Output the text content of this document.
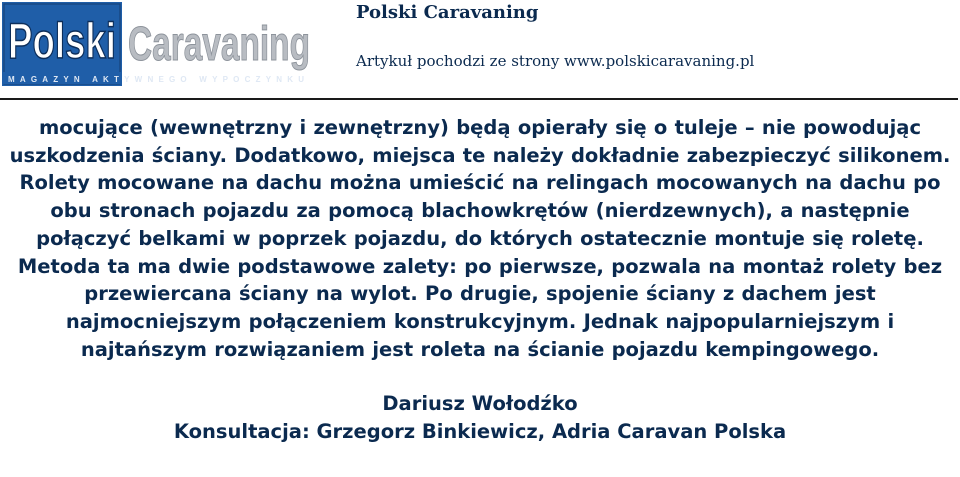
Polski Caravaning
MAGAZYN AKTYWNEGO WYPOCZYNKU
Polski Caravaning
Artykuł pochodzi ze strony www.polskicaravaning.pl

mocujące (wewnętrzny i zewnętrzny) będą opierały się o tuleje – nie powodując uszkodzenia ściany. Dodatkowo, miejsca te należy dokładnie zabezpieczyć silikonem. Rolety mocowane na dachu można umieścić na relingach mocowanych na dachu po obu stronach pojazdu za pomocą blachowkrętów (nierdzewnych), a następnie połączyć belkami w poprzek pojazdu, do których ostatecznie montuje się roletę. Metoda ta ma dwie podstawowe zalety: po pierwsze, pozwala na montaż rolety bez przewiercana ściany na wylot. Po drugie, spojenie ściany z dachem jest najmocniejszym połączeniem konstrukcyjnym. Jednak najpopularniejszym i najtańszym rozwiązaniem jest roleta na ścianie pojazdu kempingowego.

Dariusz Wołodźko
Konsultacja: Grzegorz Binkiewicz, Adria Caravan Polska
